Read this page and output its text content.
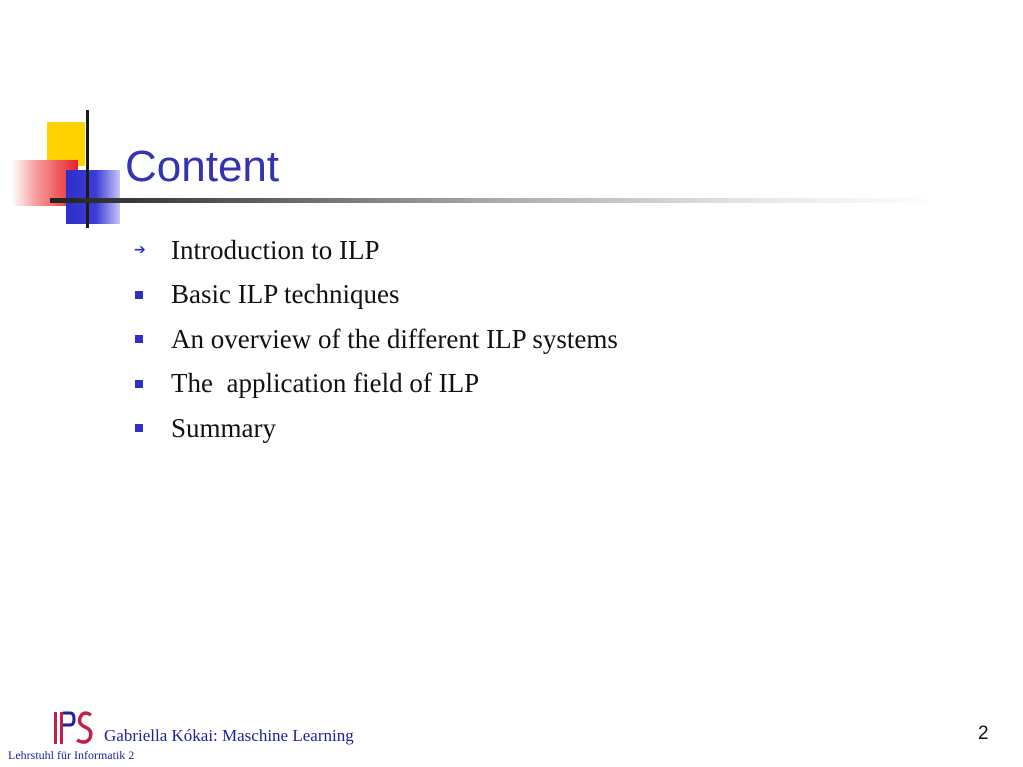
Content
➔ Introduction to ILP
Basic ILP techniques
An overview of the different ILP systems
The  application field of ILP
Summary
Gabriella Kókai: Maschine Learning
Lehrstuhl für Informatik 2
2
